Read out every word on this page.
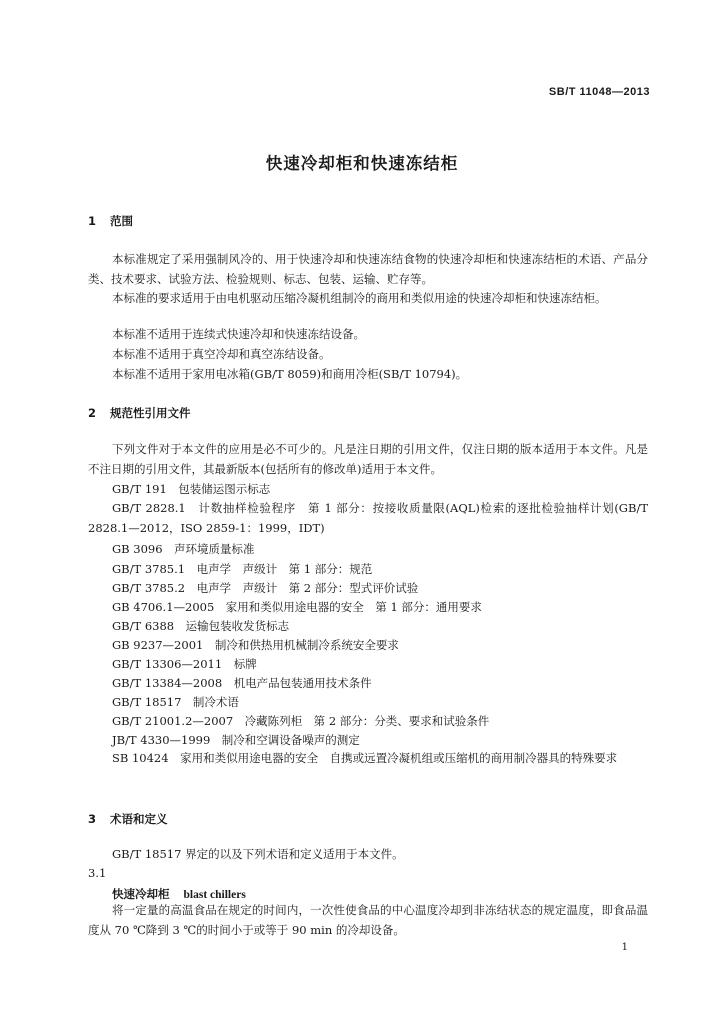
SB/T 11048—2013
快速冷却柜和快速冻结柜
1 范围

本标准规定了采用强制风冷的、用于快速冷却和快速冻结食物的快速冷却柜和快速冻结柜的术语、产品分类、技术要求、试验方法、检验规则、标志、包装、运输、贮存等。

本标准的要求适用于由电机驱动压缩冷凝机组制冷的商用和类似用途的快速冷却柜和快速冻结柜。

本标准不适用于连续式快速冷却和快速冻结设备。

本标准不适用于真空冷却和真空冻结设备。

本标准不适用于家用电冰箱(GB/T 8059)和商用冷柜(SB/T 10794)。

2 规范性引用文件

下列文件对于本文件的应用是必不可少的。凡是注日期的引用文件，仅注日期的版本适用于本文件。凡是不注日期的引用文件，其最新版本(包括所有的修改单)适用于本文件。

GB/T 191　包装储运图示标志

GB/T 2828.1　计数抽样检验程序　第 1 部分：按接收质量限(AQL)检索的逐批检验抽样计划(GB/T 2828.1—2012，ISO 2859-1：1999，IDT)

GB 3096　声环境质量标准
GB/T 3785.1　电声学　声级计　第 1 部分：规范
GB/T 3785.2　电声学　声级计　第 2 部分：型式评价试验
GB 4706.1—2005　家用和类似用途电器的安全　第 1 部分：通用要求
GB/T 6388　运输包装收发货标志
GB 9237—2001　制冷和供热用机械制冷系统安全要求
GB/T 13306—2011　标牌
GB/T 13384—2008　机电产品包装通用技术条件
GB/T 18517　制冷术语
GB/T 21001.2—2007　冷藏陈列柜　第 2 部分：分类、要求和试验条件
JB/T 4330—1999　制冷和空调设备噪声的测定

SB 10424　家用和类似用途电器的安全　自携或远置冷凝机组或压缩机的商用制冷器具的特殊要求

3 术语和定义

GB/T 18517 界定的以及下列术语和定义适用于本文件。

3.1
快速冷却柜 blast chillers

将一定量的高温食品在规定的时间内，一次性使食品的中心温度冷却到非冻结状态的规定温度，即食品温度从 70 ℃降到 3 ℃的时间小于或等于 90 min 的冷却设备。

1
